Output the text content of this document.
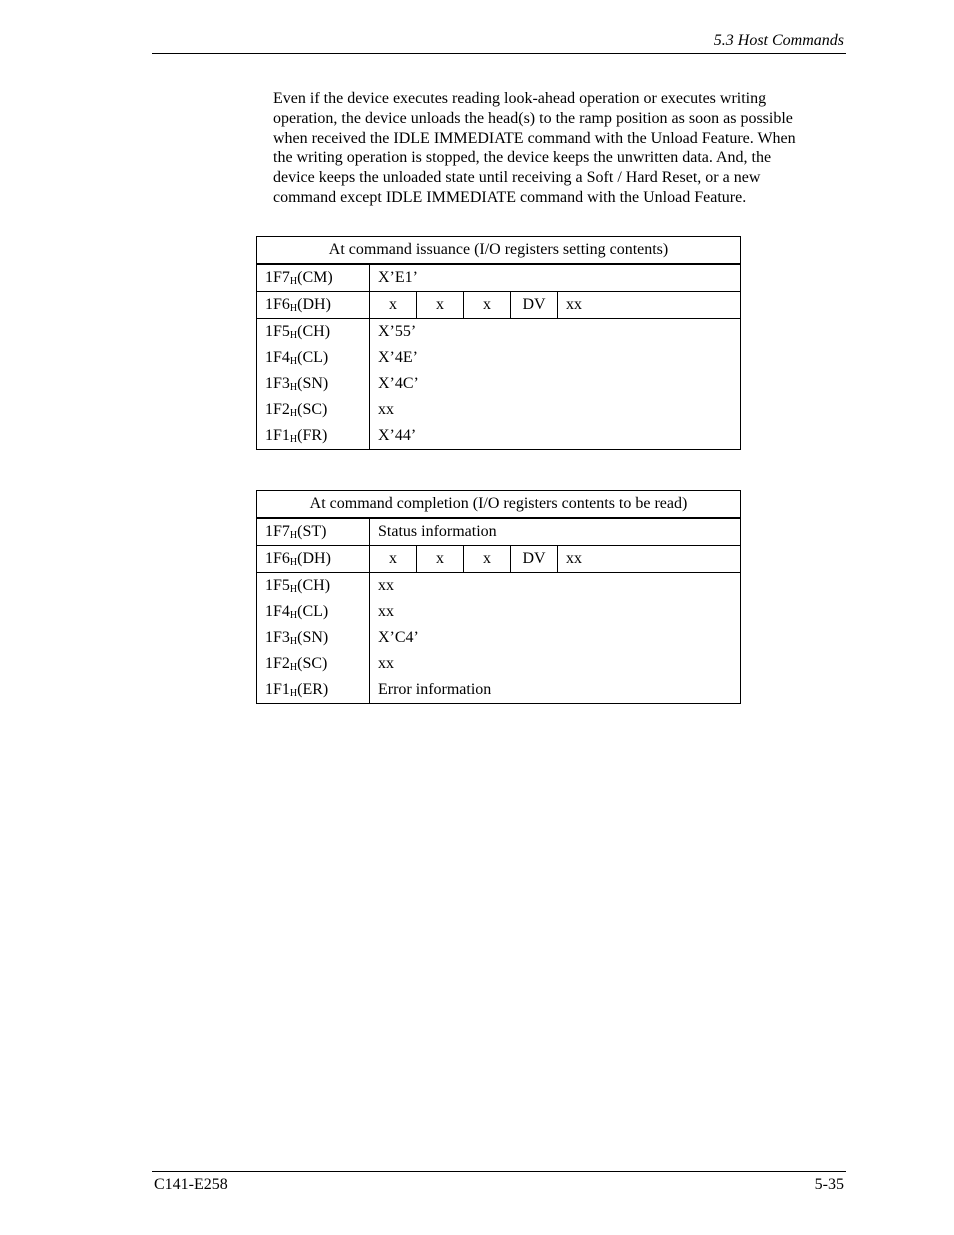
5.3 Host Commands

Even if the device executes reading look-ahead operation or executes writing

operation, the device unloads the head(s) to the ramp position as soon as possible

when received the IDLE IMMEDIATE command with the Unload Feature. When

the writing operation is stopped, the device keeps the unwritten data. And, the

device keeps the unloaded state until receiving a Soft / Hard Reset, or a new

command except IDLE IMMEDIATE command with the Unload Feature.

At command issuance (I/O registers setting contents)					
$1F7_H(CM)$	X’E1’				
$1F6_H(DH)$	x	x	x	DV	xx
$1F5_H(CH)$	X’55’				
$1F4_H(CL)$	X’4E’				
$1F3_H(SN)$	X’4C’				
$1F2_H(SC)$	xx				
$1F1_H(FR)$	X’44’				
At command completion (I/O registers contents to be read)					
$1F7_H(ST)$	Status information				
$1F6_H(DH)$	x	x	x	DV	xx
$1F5_H(CH)$	xx				
$1F4_H(CL)$	xx				
$1F3_H(SN)$	X’C4’				
$1F2_H(SC)$	xx				
$1F1_H(ER)$	Error information				
C141-E258	5-35
